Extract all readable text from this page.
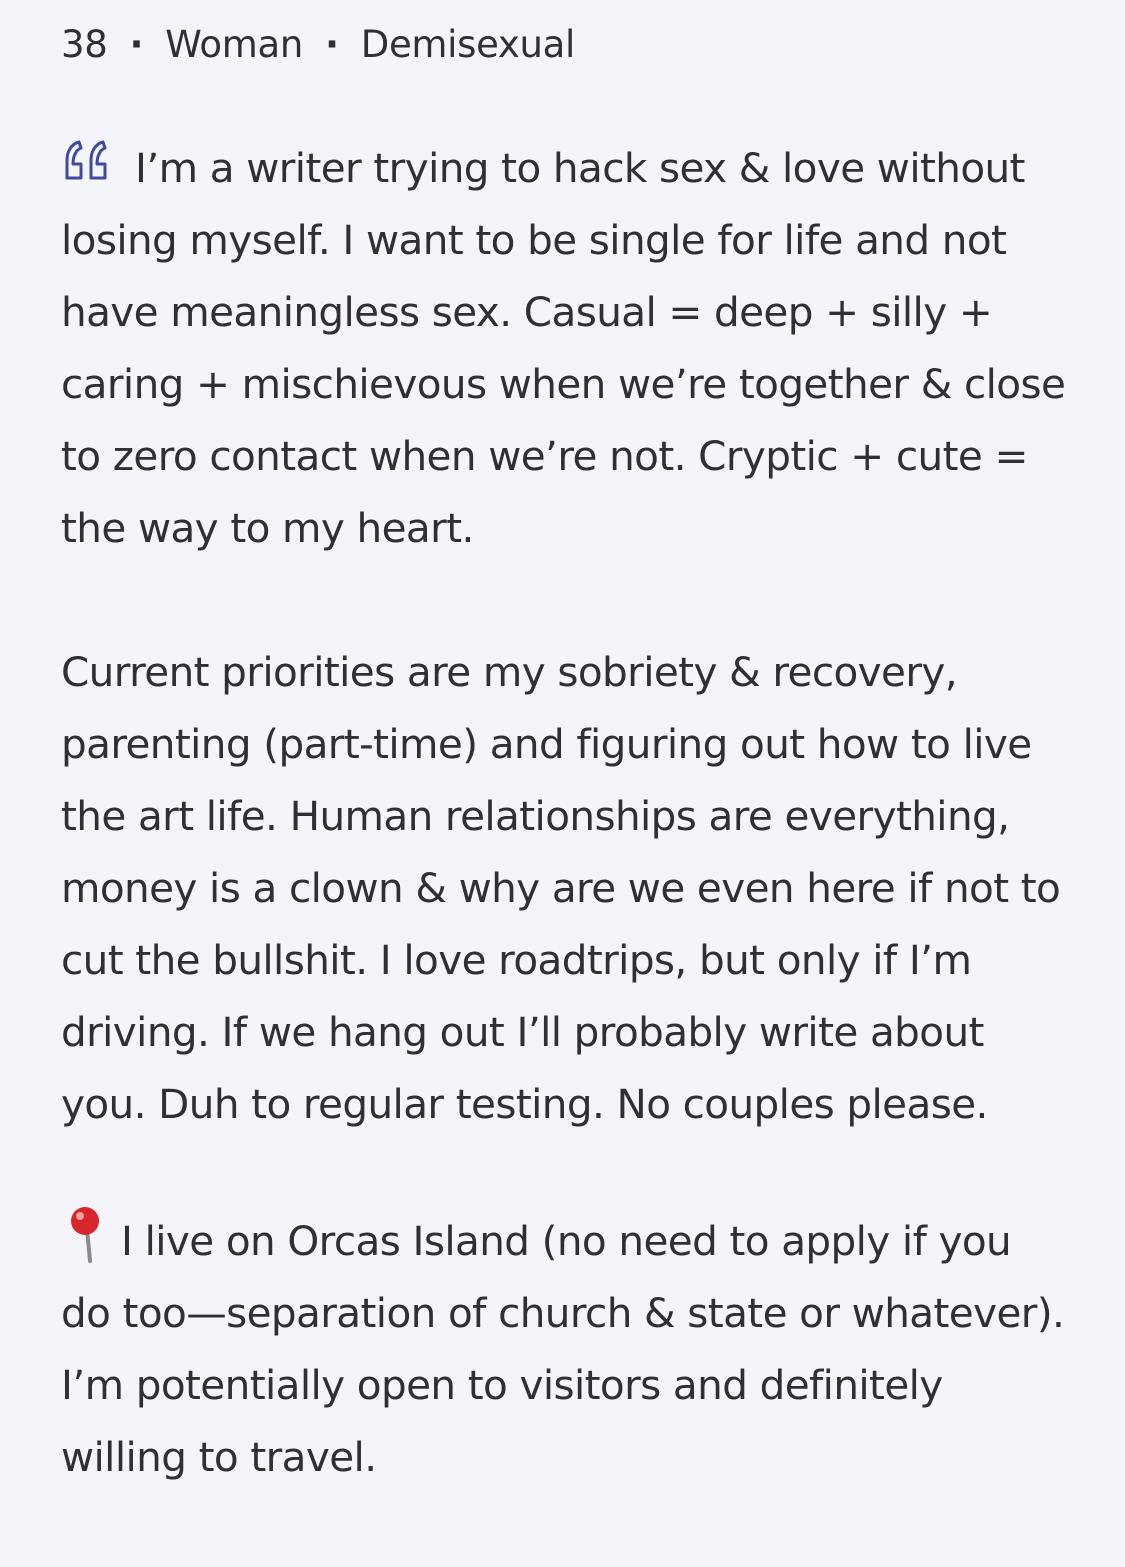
38 · Woman · Demisexual

I’m a writer trying to hack sex & love without losing myself. I want to be single for life and not have meaningless sex. Casual = deep + silly + caring + mischievous when we’re together & close to zero contact when we’re not. Cryptic + cute = the way to my heart.

Current priorities are my sobriety & recovery, parenting (part-time) and figuring out how to live the art life. Human relationships are everything, money is a clown & why are we even here if not to cut the bullshit. I love roadtrips, but only if I’m driving. If we hang out I’ll probably write about you. Duh to regular testing. No couples please.

I live on Orcas Island (no need to apply if you do too—separation of church & state or whatever). I’m potentially open to visitors and definitely willing to travel.
